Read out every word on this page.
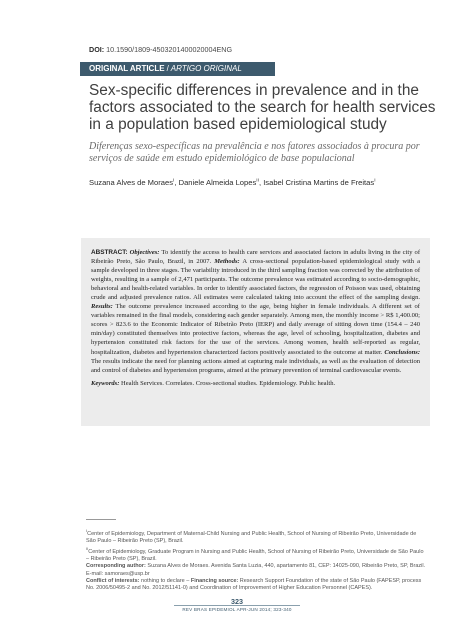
DOI: 10.1590/1809-4503201400020004ENG
ORIGINAL ARTICLE / ARTIGO ORIGINAL
Sex-specific differences in prevalence and in the factors associated to the search for health services in a population based epidemiological study

Diferenças sexo-específicas na prevalência e nos fatores associados à procura por serviços de saúde em estudo epidemiológico de base populacional

Suzana Alves de Moraes$^I$, Daniele Almeida Lopes$^{II}$, Isabel Cristina Martins de Freitas$^I$

ABSTRACT: Objectives: To identify the access to health care services and associated factors in adults living in the city of Ribeirão Preto, São Paulo, Brazil, in 2007. Methods: A cross-sectional population-based epidemiological study with a sample developed in three stages. The variability introduced in the third sampling fraction was corrected by the attribution of weights, resulting in a sample of 2,471 participants. The outcome prevalence was estimated according to socio-demographic, behavioral and health-related variables. In order to identify associated factors, the regression of Poisson was used, obtaining crude and adjusted prevalence ratios. All estimates were calculated taking into account the effect of the sampling design. Results: The outcome prevalence increased according to the age, being higher in female individuals. A different set of variables remained in the final models, considering each gender separately. Among men, the monthly income > R$ 1,400.00; scores > 823.6 to the Economic Indicator of Ribeirão Preto (IERP) and daily average of sitting down time (154.4 – 240 min/day) constituted themselves into protective factors, whereas the age, level of schooling, hospitalization, diabetes and hypertension constituted risk factors for the use of the services. Among women, health self-reported as regular, hospitalization, diabetes and hypertension characterized factors positively associated to the outcome at matter. Conclusions: The results indicate the need for planning actions aimed at capturing male individuals, as well as the evaluation of detection and control of diabetes and hypertension programs, aimed at the primary prevention of terminal cardiovascular events.

Keywords: Health Services. Correlates. Cross-sectional studies. Epidemiology. Public health.

$^I$Center of Epidemiology, Department of Maternal-Child Nursing and Public Health, School of Nursing of Ribeirão Preto, Universidade de São Paulo – Ribeirão Preto (SP), Brazil.

$^{II}$Center of Epidemiology, Graduate Program in Nursing and Public Health, School of Nursing of Ribeirão Preto, Universidade de São Paulo – Ribeirão Preto (SP), Brazil.

Corresponding author: Suzana Alves de Moraes. Avenida Santa Luzia, 440, apartamento 81, CEP: 14025-090, Ribeirão Preto, SP, Brazil. E-mail: samoraes@usp.br

Conflict of interests: nothing to declare – Financing source: Research Support Foundation of the state of São Paulo (FAPESP, process No. 2006/50495-2 and No. 2012/51141-0) and Coordination of Improvement of Higher Education Personnel (CAPES).

323
REV BRAS EPIDEMIOL APR-JUN 2014; 323-340
